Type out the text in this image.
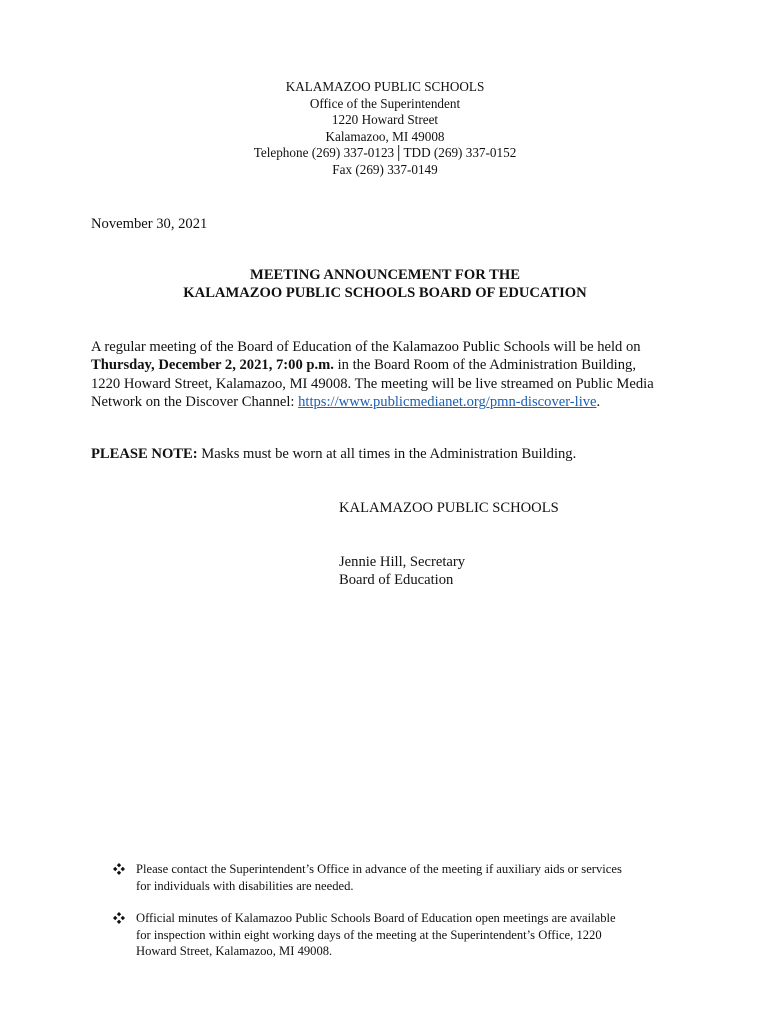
KALAMAZOO PUBLIC SCHOOLS
Office of the Superintendent
1220 Howard Street
Kalamazoo, MI 49008
Telephone (269) 337-0123│TDD (269) 337-0152
Fax (269) 337-0149
November 30, 2021
MEETING ANNOUNCEMENT FOR THE
KALAMAZOO PUBLIC SCHOOLS BOARD OF EDUCATION
A regular meeting of the Board of Education of the Kalamazoo Public Schools will be held on
Thursday, December 2, 2021, 7:00 p.m. in the Board Room of the Administration Building,
1220 Howard Street, Kalamazoo, MI 49008. The meeting will be live streamed on Public Media
Network on the Discover Channel: https://www.publicmedianet.org/pmn-discover-live.
PLEASE NOTE: Masks must be worn at all times in the Administration Building.
KALAMAZOO PUBLIC SCHOOLS
Jennie Hill, Secretary
Board of Education
Please contact the Superintendent’s Office in advance of the meeting if auxiliary aids or services
for individuals with disabilities are needed.
Official minutes of Kalamazoo Public Schools Board of Education open meetings are available
for inspection within eight working days of the meeting at the Superintendent’s Office, 1220
Howard Street, Kalamazoo, MI 49008.
